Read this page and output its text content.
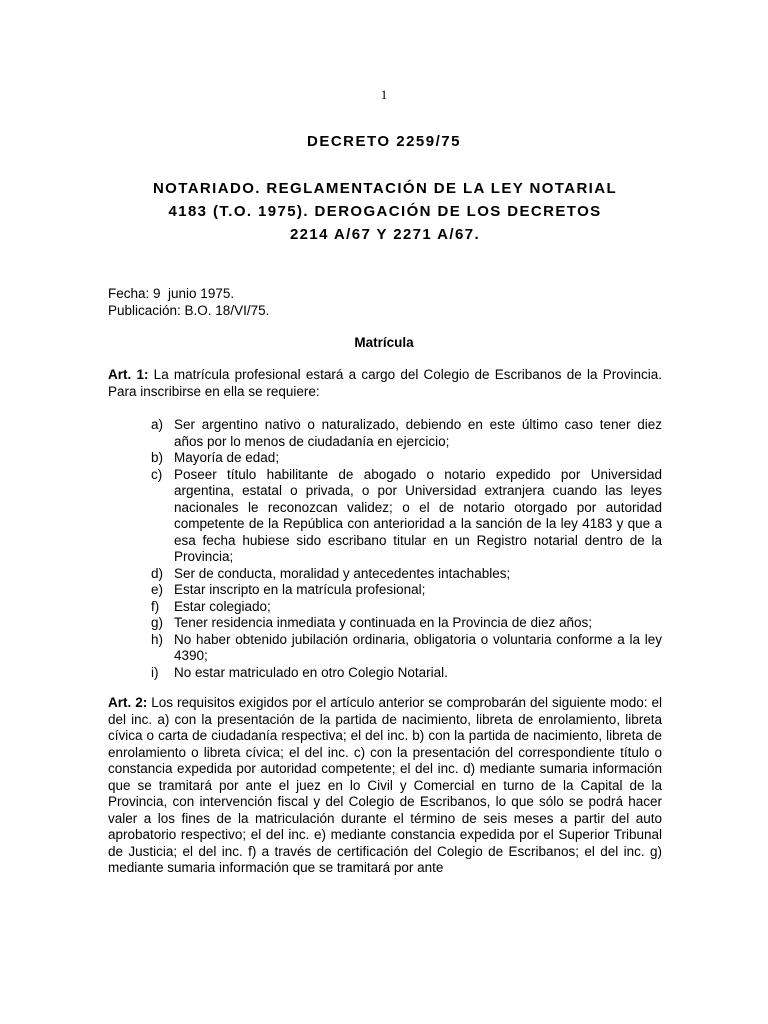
1
DECRETO 2259/75
NOTARIADO. REGLAMENTACIÓN DE LA LEY NOTARIAL
4183 (T.O. 1975). DEROGACIÓN DE LOS DECRETOS
2214 A/67 Y 2271 A/67.
Fecha: 9  junio 1975.
Publicación: B.O. 18/VI/75.
Matrícula
Art. 1: La matrícula profesional estará a cargo del Colegio de Escribanos de la Provincia. Para inscribirse en ella se requiere:
a) Ser argentino nativo o naturalizado, debiendo en este último caso tener diez años por lo menos de ciudadanía en ejercicio;
b) Mayoría de edad;
c) Poseer título habilitante de abogado o notario expedido por Universidad argentina, estatal o privada, o por Universidad extranjera cuando las leyes nacionales le reconozcan validez; o el de notario otorgado por autoridad competente de la República con anterioridad a la sanción de la ley 4183 y que a esa fecha hubiese sido escribano titular en un Registro notarial dentro de la Provincia;
d) Ser de conducta, moralidad y antecedentes intachables;
e) Estar inscripto en la matrícula profesional;
f) Estar colegiado;
g) Tener residencia inmediata y continuada en la Provincia de diez años;
h) No haber obtenido jubilación ordinaria, obligatoria o voluntaria conforme a la ley 4390;
i) No estar matriculado en otro Colegio Notarial.
Art. 2: Los requisitos exigidos por el artículo anterior se comprobarán del siguiente modo: el del inc. a) con la presentación de la partida de nacimiento, libreta de enrolamiento, libreta cívica o carta de ciudadanía respectiva; el del inc. b) con la partida de nacimiento, libreta de enrolamiento o libreta cívica; el del inc. c) con la presentación del correspondiente título o constancia expedida por autoridad competente; el del inc. d) mediante sumaria información que se tramitará por ante el juez en lo Civil y Comercial en turno de la Capital de la Provincia, con intervención fiscal y del Colegio de Escribanos, lo que sólo se podrá hacer valer a los fines de la matriculación durante el término de seis meses a partir del auto aprobatorio respectivo; el del inc. e) mediante constancia expedida por el Superior Tribunal de Justicia; el del inc. f) a través de certificación del Colegio de Escribanos; el del inc. g) mediante sumaria información que se tramitará por ante
